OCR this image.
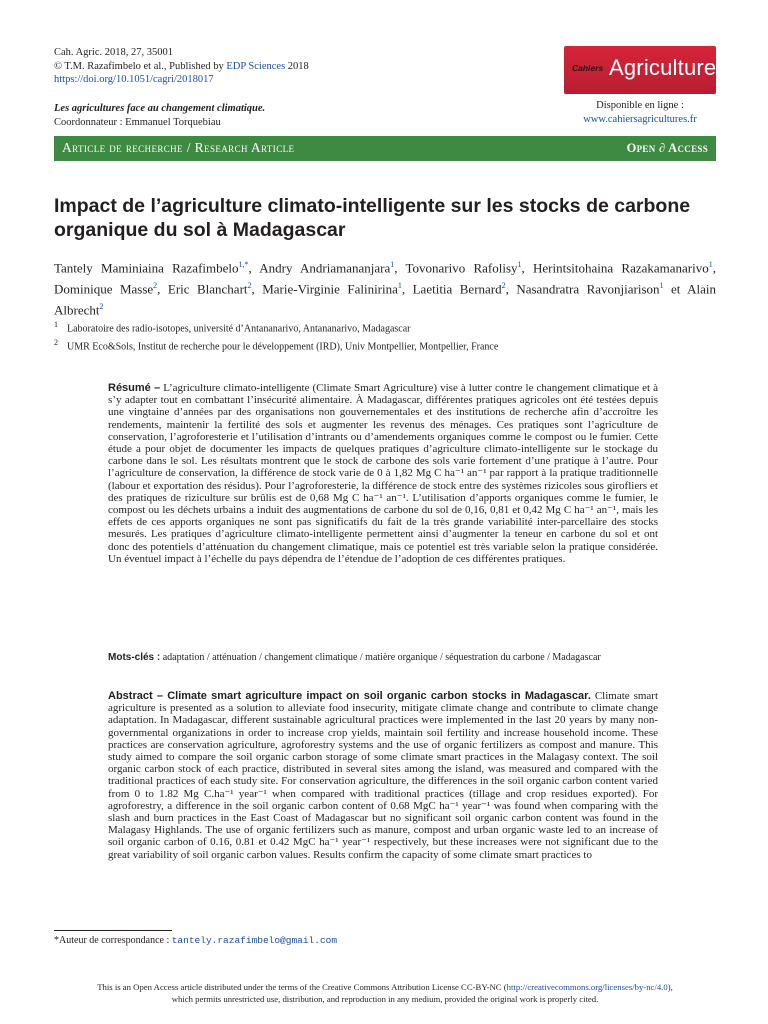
Cah. Agric. 2018, 27, 35001
© T.M. Razafimbelo et al., Published by EDP Sciences 2018
https://doi.org/10.1051/cagri/2018017
Cahiers Agricultures
Les agricultures face au changement climatique.
Coordonnateur : Emmanuel Torquebiau
Disponible en ligne :
www.cahiersagricultures.fr
Article de recherche / Research Article	Open ∂ Access
Impact de l’agriculture climato-intelligente sur les stocks de carbone organique du sol à Madagascar
Tantely Maminiaina Razafimbelo$^{1,*}$, Andry Andriamananjara$^1$, Tovonarivo Rafolisy$^1$, Herintsitohaina Razakamanarivo$^1$, Dominique Masse$^2$, Eric Blanchart$^2$, Marie-Virginie Falinirina$^1$, Laetitia Bernard$^2$, Nasandratra Ravonjiarison$^1$ et Alain Albrecht$^2$
$^1$ Laboratoire des radio-isotopes, université d’Antananarivo, Antananarivo, Madagascar
$^2$ UMR Eco&Sols, Institut de recherche pour le développement (IRD), Univ Montpellier, Montpellier, France
Résumé – L’agriculture climato-intelligente (Climate Smart Agriculture) vise à lutter contre le changement climatique et à s’y adapter tout en combattant l’insécurité alimentaire. À Madagascar, différentes pratiques agricoles ont été testées depuis une vingtaine d’années par des organisations non gouvernementales et des institutions de recherche afin d’accroître les rendements, maintenir la fertilité des sols et augmenter les revenus des ménages. Ces pratiques sont l’agriculture de conservation, l’agroforesterie et l’utilisation d’intrants ou d’amendements organiques comme le compost ou le fumier. Cette étude a pour objet de documenter les impacts de quelques pratiques d’agriculture climato-intelligente sur le stockage du carbone dans le sol. Les résultats montrent que le stock de carbone des sols varie fortement d’une pratique à l’autre. Pour l’agriculture de conservation, la différence de stock varie de 0 à 1,82 Mg C ha⁻¹ an⁻¹ par rapport à la pratique traditionnelle (labour et exportation des résidus). Pour l’agroforesterie, la différence de stock entre des systèmes rizicoles sous girofliers et des pratiques de riziculture sur brûlis est de 0,68 Mg C ha⁻¹ an⁻¹. L’utilisation d’apports organiques comme le fumier, le compost ou les déchets urbains a induit des augmentations de carbone du sol de 0,16, 0,81 et 0,42 Mg C ha⁻¹ an⁻¹, mais les effets de ces apports organiques ne sont pas significatifs du fait de la très grande variabilité inter-parcellaire des stocks mesurés. Les pratiques d’agriculture climato-intelligente permettent ainsi d’augmenter la teneur en carbone du sol et ont donc des potentiels d’atténuation du changement climatique, mais ce potentiel est très variable selon la pratique considérée. Un éventuel impact à l’échelle du pays dépendra de l’étendue de l’adoption de ces différentes pratiques.
Mots-clés : adaptation / atténuation / changement climatique / matière organique / séquestration du carbone / Madagascar
Abstract – Climate smart agriculture impact on soil organic carbon stocks in Madagascar. Climate smart agriculture is presented as a solution to alleviate food insecurity, mitigate climate change and contribute to climate change adaptation. In Madagascar, different sustainable agricultural practices were implemented in the last 20 years by many non-governmental organizations in order to increase crop yields, maintain soil fertility and increase household income. These practices are conservation agriculture, agroforestry systems and the use of organic fertilizers as compost and manure. This study aimed to compare the soil organic carbon storage of some climate smart practices in the Malagasy context. The soil organic carbon stock of each practice, distributed in several sites among the island, was measured and compared with the traditional practices of each study site. For conservation agriculture, the differences in the soil organic carbon content varied from 0 to 1.82 Mg C.ha⁻¹ year⁻¹ when compared with traditional practices (tillage and crop residues exported). For agroforestry, a difference in the soil organic carbon content of 0.68 MgC ha⁻¹ year⁻¹ was found when comparing with the slash and burn practices in the East Coast of Madagascar but no significant soil organic carbon content was found in the Malagasy Highlands. The use of organic fertilizers such as manure, compost and urban organic waste led to an increase of soil organic carbon of 0.16, 0.81 et 0.42 MgC ha⁻¹ year⁻¹ respectively, but these increases were not significant due to the great variability of soil organic carbon values. Results confirm the capacity of some climate smart practices to
*Auteur de correspondance : tantely.razafimbelo@gmail.com
This is an Open Access article distributed under the terms of the Creative Commons Attribution License CC-BY-NC (http://creativecommons.org/licenses/by-nc/4.0),
which permits unrestricted use, distribution, and reproduction in any medium, provided the original work is properly cited.
